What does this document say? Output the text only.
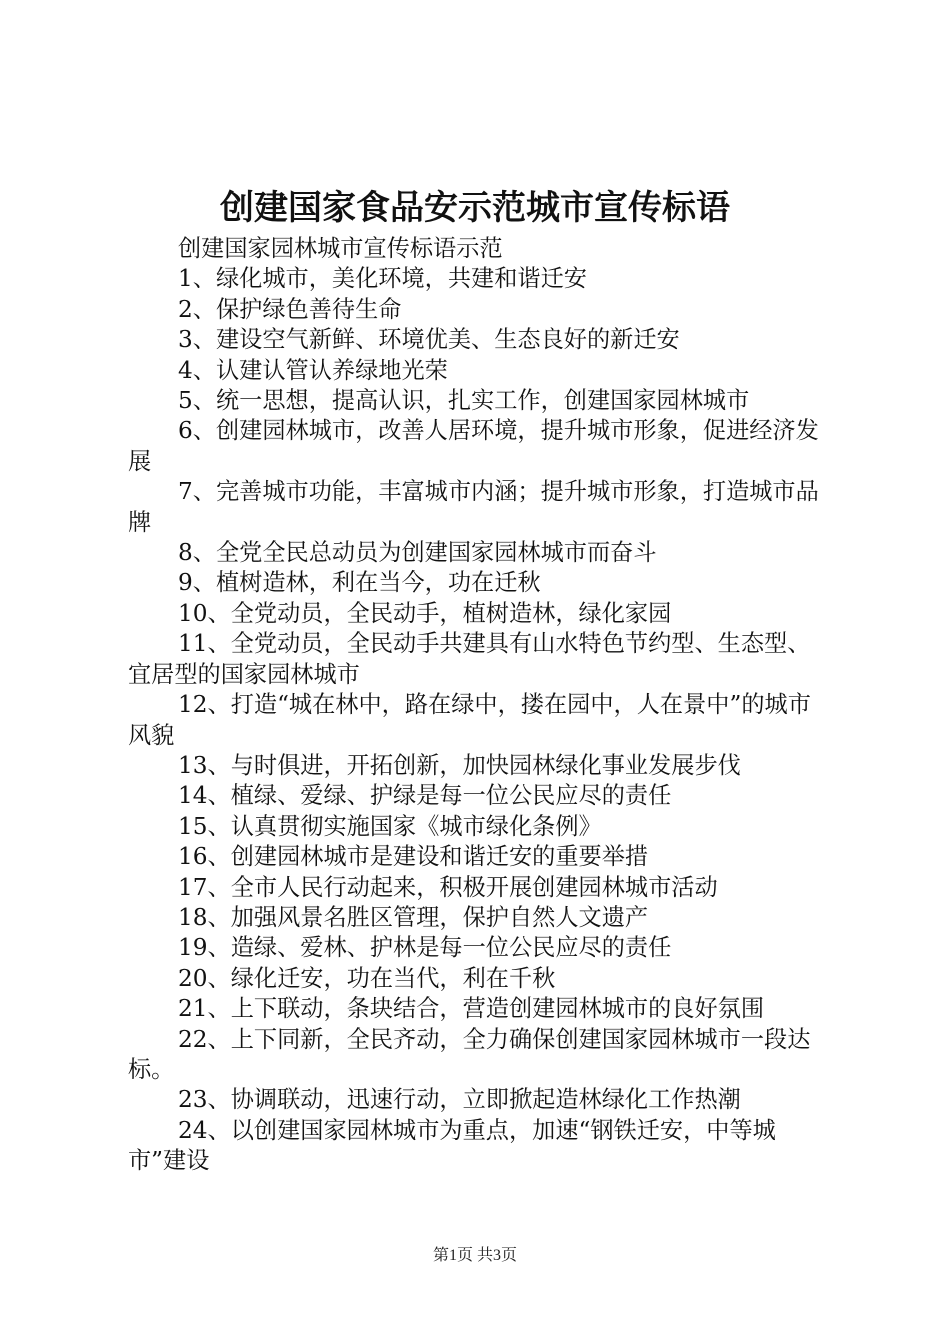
创建国家食品安示范城市宣传标语

创建国家园林城市宣传标语示范

1、绿化城市，美化环境，共建和谐迁安

2、保护绿色善待生命

3、建设空气新鲜、环境优美、生态良好的新迁安

4、认建认管认养绿地光荣

5、统一思想，提高认识，扎实工作，创建国家园林城市

6、创建园林城市，改善人居环境，提升城市形象，促进经济发展

7、完善城市功能，丰富城市内涵；提升城市形象，打造城市品牌

8、全党全民总动员为创建国家园林城市而奋斗

9、植树造林，利在当今，功在迁秋

10、全党动员，全民动手，植树造林，绿化家园

11、全党动员，全民动手共建具有山水特色节约型、生态型、宜居型的国家园林城市

12、打造“城在林中，路在绿中，搂在园中，人在景中”的城市风貌

13、与时俱进，开拓创新，加快园林绿化事业发展步伐

14、植绿、爱绿、护绿是每一位公民应尽的责任

15、认真贯彻实施国家《城市绿化条例》

16、创建园林城市是建设和谐迁安的重要举措

17、全市人民行动起来，积极开展创建园林城市活动

18、加强风景名胜区管理，保护自然人文遗产

19、造绿、爱林、护林是每一位公民应尽的责任

20、绿化迁安，功在当代，利在千秋

21、上下联动，条块结合，营造创建园林城市的良好氛围

22、上下同新，全民齐动，全力确保创建国家园林城市一段达标。

23、协调联动，迅速行动，立即掀起造林绿化工作热潮

24、以创建国家园林城市为重点，加速“钢铁迁安，中等城市”建设

第1页 共3页
